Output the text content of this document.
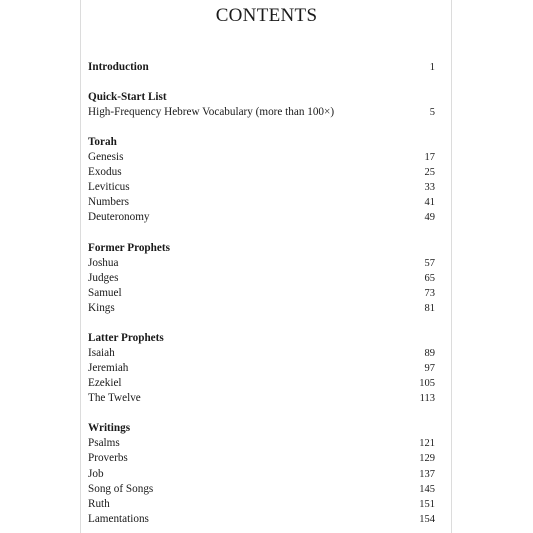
CONTENTS
Introduction	1
Quick-Start List
High-Frequency Hebrew Vocabulary (more than 100×)	5
Torah
Genesis	17
Exodus	25
Leviticus	33
Numbers	41
Deuteronomy	49
Former Prophets
Joshua	57
Judges	65
Samuel	73
Kings	81
Latter Prophets
Isaiah	89
Jeremiah	97
Ezekiel	105
The Twelve	113
Writings
Psalms	121
Proverbs	129
Job	137
Song of Songs	145
Ruth	151
Lamentations	154
